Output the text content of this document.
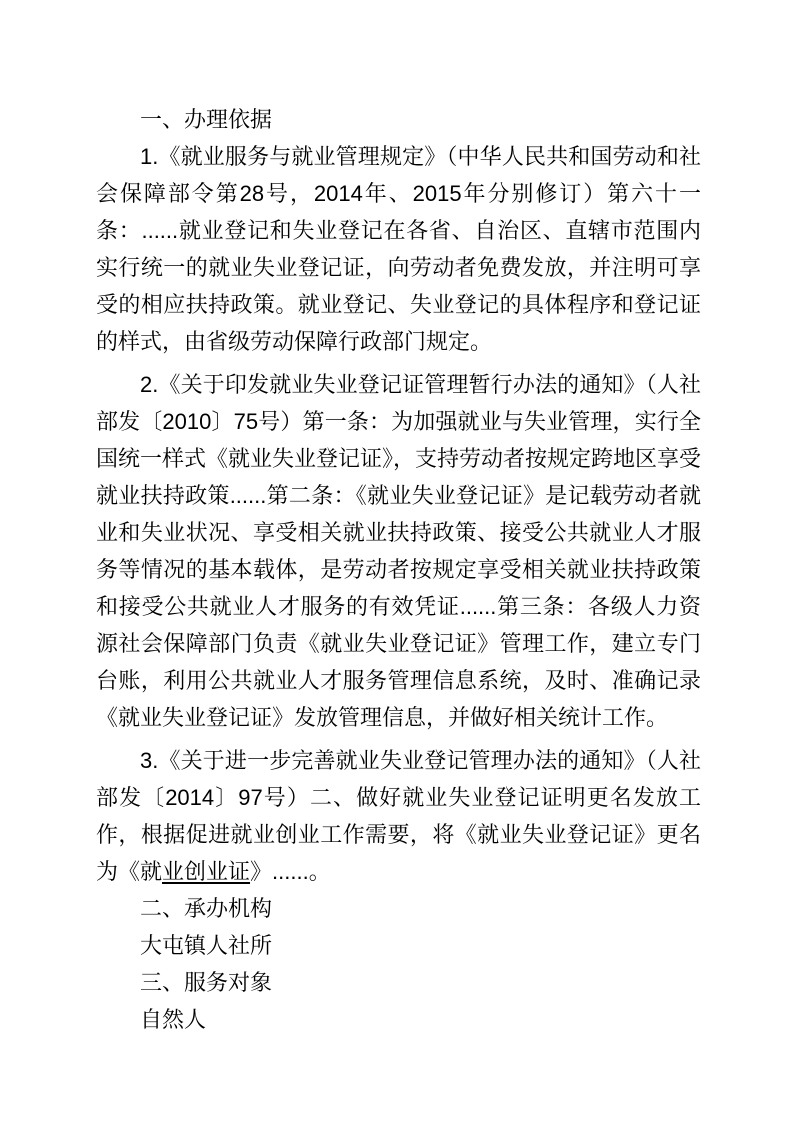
一、办理依据

1.《就业服务与就业管理规定》（中华人民共和国劳动和社会保障部令第28号，2014年、2015年分别修订）第六十一条：......就业登记和失业登记在各省、自治区、直辖市范围内实行统一的就业失业登记证，向劳动者免费发放，并注明可享受的相应扶持政策。就业登记、失业登记的具体程序和登记证的样式，由省级劳动保障行政部门规定。

2.《关于印发就业失业登记证管理暂行办法的通知》（人社部发〔2010〕75号）第一条：为加强就业与失业管理，实行全国统一样式《就业失业登记证》，支持劳动者按规定跨地区享受就业扶持政策......第二条：《就业失业登记证》是记载劳动者就业和失业状况、享受相关就业扶持政策、接受公共就业人才服务等情况的基本载体，是劳动者按规定享受相关就业扶持政策和接受公共就业人才服务的有效凭证......第三条：各级人力资源社会保障部门负责《就业失业登记证》管理工作，建立专门台账，利用公共就业人才服务管理信息系统，及时、准确记录《就业失业登记证》发放管理信息，并做好相关统计工作。

3.《关于进一步完善就业失业登记管理办法的通知》（人社部发〔2014〕97号）二、做好就业失业登记证明更名发放工作，根据促进就业创业工作需要，将《就业失业登记证》更名为《就业创业证》......。

二、承办机构
大屯镇人社所
三、服务对象
自然人
